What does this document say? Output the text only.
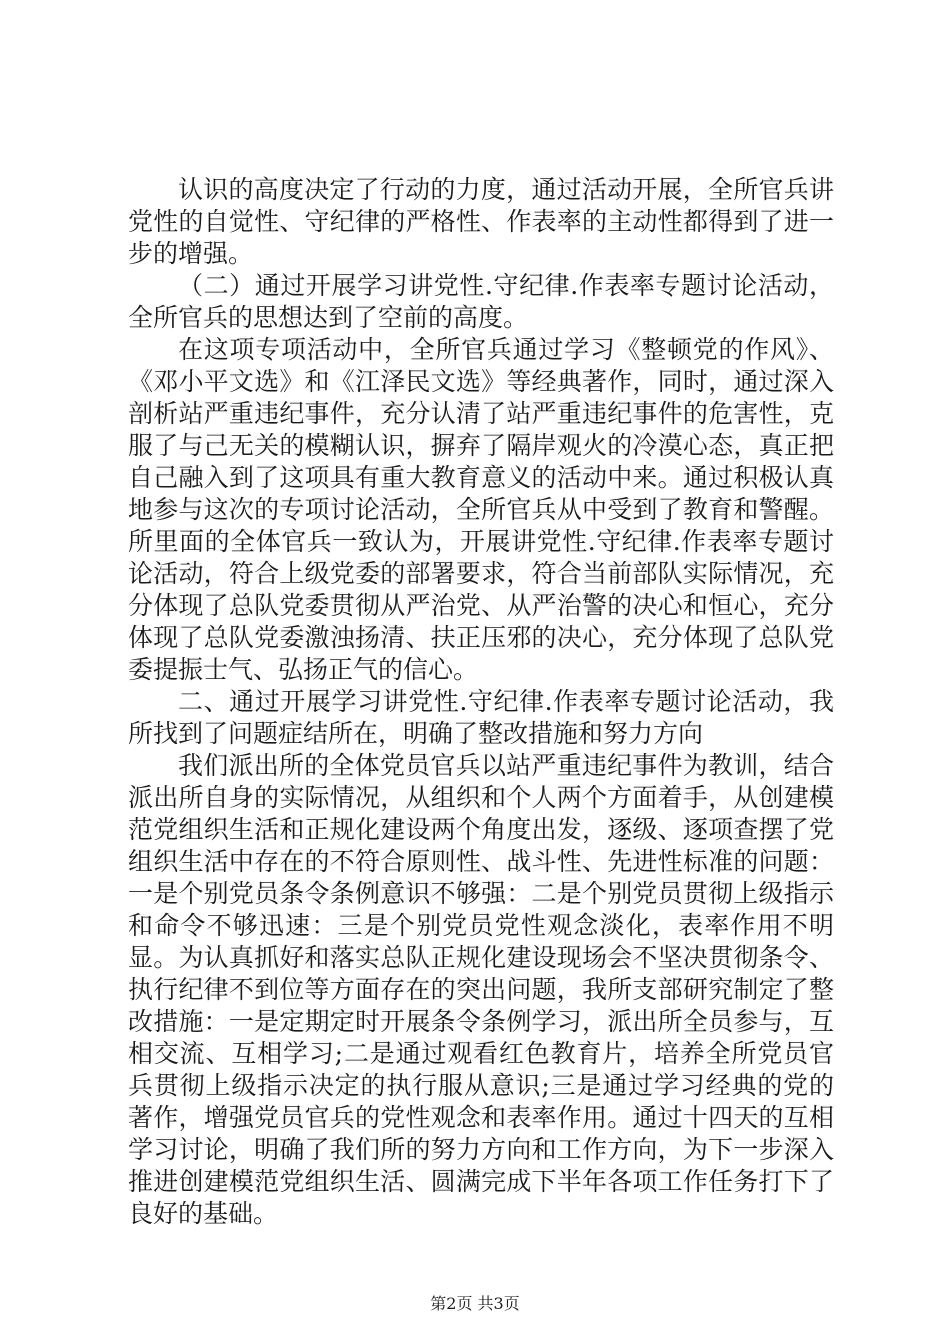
认识的高度决定了行动的力度，通过活动开展，全所官兵讲党性的自觉性、守纪律的严格性、作表率的主动性都得到了进一步的增强。

（二）通过开展学习讲党性.守纪律.作表率专题讨论活动，全所官兵的思想达到了空前的高度。

在这项专项活动中，全所官兵通过学习《整顿党的作风》、《邓小平文选》和《江泽民文选》等经典著作，同时，通过深入剖析站严重违纪事件，充分认清了站严重违纪事件的危害性，克服了与己无关的模糊认识，摒弃了隔岸观火的冷漠心态，真正把自己融入到了这项具有重大教育意义的活动中来。通过积极认真地参与这次的专项讨论活动，全所官兵从中受到了教育和警醒。所里面的全体官兵一致认为，开展讲党性.守纪律.作表率专题讨论活动，符合上级党委的部署要求，符合当前部队实际情况，充分体现了总队党委贯彻从严治党、从严治警的决心和恒心，充分体现了总队党委激浊扬清、扶正压邪的决心，充分体现了总队党委提振士气、弘扬正气的信心。

二、通过开展学习讲党性.守纪律.作表率专题讨论活动，我所找到了问题症结所在，明确了整改措施和努力方向

我们派出所的全体党员官兵以站严重违纪事件为教训，结合派出所自身的实际情况，从组织和个人两个方面着手，从创建模范党组织生活和正规化建设两个角度出发，逐级、逐项查摆了党组织生活中存在的不符合原则性、战斗性、先进性标准的问题：一是个别党员条令条例意识不够强：二是个别党员贯彻上级指示和命令不够迅速：三是个别党员党性观念淡化，表率作用不明显。为认真抓好和落实总队正规化建设现场会不坚决贯彻条令、执行纪律不到位等方面存在的突出问题，我所支部研究制定了整改措施：一是定期定时开展条令条例学习，派出所全员参与，互相交流、互相学习;二是通过观看红色教育片，培养全所党员官兵贯彻上级指示决定的执行服从意识;三是通过学习经典的党的著作，增强党员官兵的党性观念和表率作用。通过十四天的互相学习讨论，明确了我们所的努力方向和工作方向，为下一步深入推进创建模范党组织生活、圆满完成下半年各项工作任务打下了良好的基础。

第2页 共3页
